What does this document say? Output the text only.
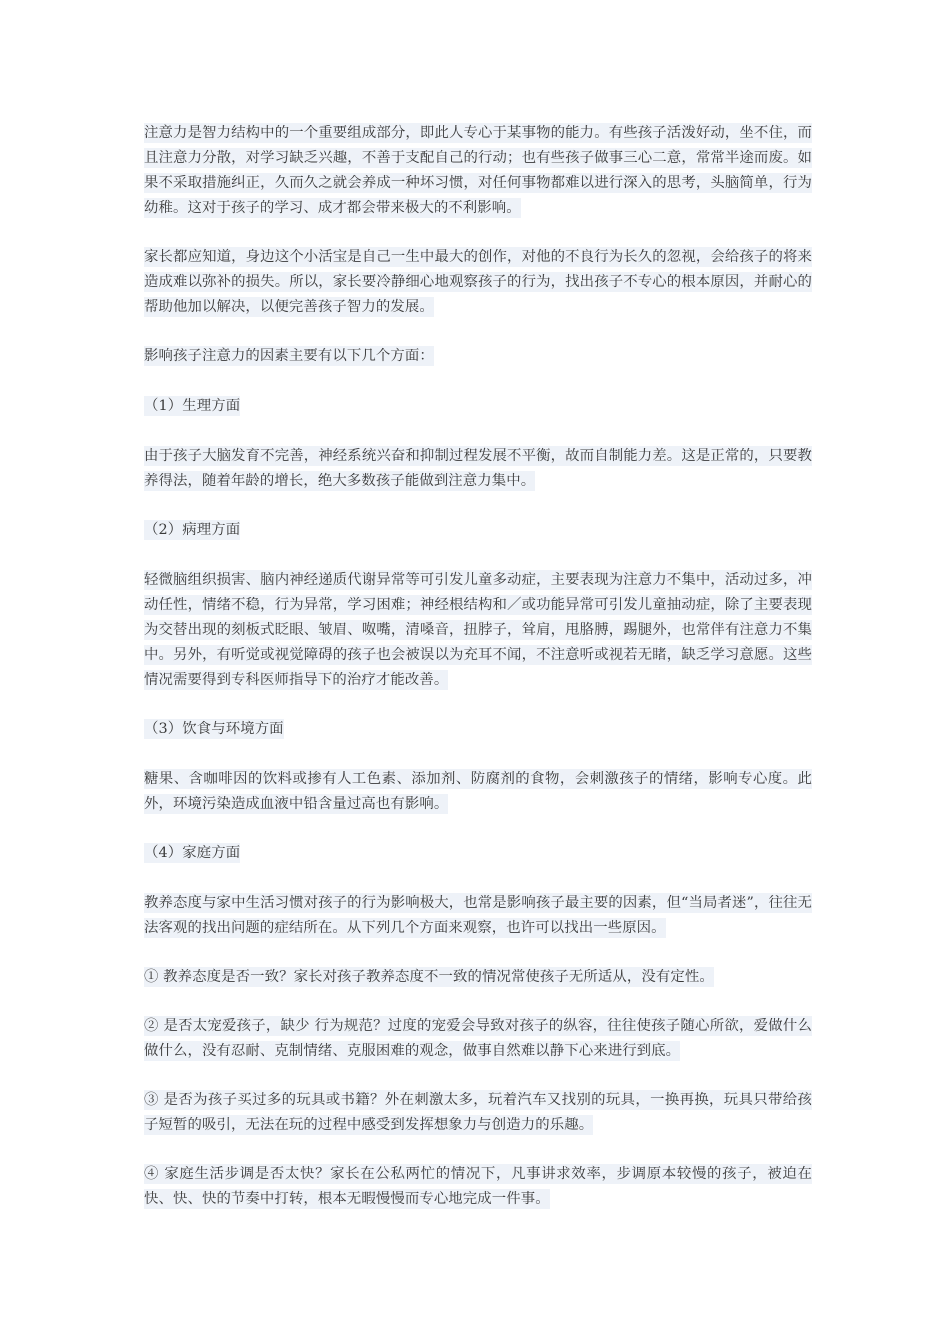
注意力是智力结构中的一个重要组成部分，即此人专心于某事物的能力。有些孩子活泼好动，坐不住，而且注意力分散，对学习缺乏兴趣，不善于支配自己的行动；也有些孩子做事三心二意，常常半途而废。如果不采取措施纠正，久而久之就会养成一种坏习惯，对任何事物都难以进行深入的思考，头脑简单，行为幼稚。这对于孩子的学习、成才都会带来极大的不利影响。

家长都应知道，身边这个小活宝是自己一生中最大的创作，对他的不良行为长久的忽视，会给孩子的将来造成难以弥补的损失。所以，家长要冷静细心地观察孩子的行为，找出孩子不专心的根本原因，并耐心的帮助他加以解决，以便完善孩子智力的发展。

影响孩子注意力的因素主要有以下几个方面：

（1）生理方面

由于孩子大脑发育不完善，神经系统兴奋和抑制过程发展不平衡，故而自制能力差。这是正常的，只要教养得法，随着年龄的增长，绝大多数孩子能做到注意力集中。

（2）病理方面

轻微脑组织损害、脑内神经递质代谢异常等可引发儿童多动症，主要表现为注意力不集中，活动过多，冲动任性，情绪不稳，行为异常，学习困难；神经根结构和／或功能异常可引发儿童抽动症，除了主要表现为交替出现的刻板式眨眼、皱眉、呶嘴，清嗓音，扭脖子，耸肩，甩胳膊，踢腿外，也常伴有注意力不集中。另外，有听觉或视觉障碍的孩子也会被误以为充耳不闻，不注意听或视若无睹，缺乏学习意愿。这些情况需要得到专科医师指导下的治疗才能改善。

（3）饮食与环境方面

糖果、含咖啡因的饮料或掺有人工色素、添加剂、防腐剂的食物，会刺激孩子的情绪，影响专心度。此外，环境污染造成血液中铅含量过高也有影响。

（4）家庭方面

教养态度与家中生活习惯对孩子的行为影响极大，也常是影响孩子最主要的因素，但“当局者迷”，往往无法客观的找出问题的症结所在。从下列几个方面来观察，也许可以找出一些原因。

① 教养态度是否一致？家长对孩子教养态度不一致的情况常使孩子无所适从，没有定性。

② 是否太宠爱孩子，缺少 行为规范？过度的宠爱会导致对孩子的纵容，往往使孩子随心所欲，爱做什么做什么，没有忍耐、克制情绪、克服困难的观念，做事自然难以静下心来进行到底。

③ 是否为孩子买过多的玩具或书籍？外在刺激太多，玩着汽车又找别的玩具，一换再换，玩具只带给孩子短暂的吸引，无法在玩的过程中感受到发挥想象力与创造力的乐趣。

④ 家庭生活步调是否太快？家长在公私两忙的情况下，凡事讲求效率，步调原本较慢的孩子，被迫在快、快、快的节奏中打转，根本无暇慢慢而专心地完成一件事。
